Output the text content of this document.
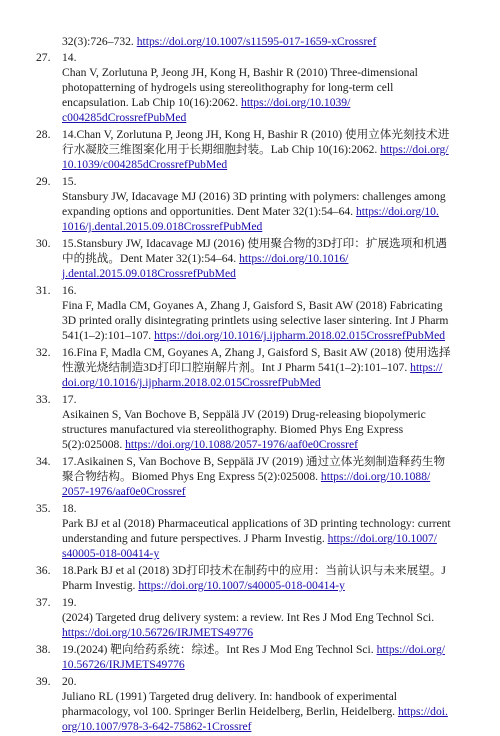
32(3):726–732. https://doi.org/10.1007/s11595-017-1659-xCrossref
27. 14.
Chan V, Zorlutuna P, Jeong JH, Kong H, Bashir R (2010) Three-dimensional
photopatterning of hydrogels using stereolithography for long-term cell
encapsulation. Lab Chip 10(16):2062. https://doi.org/10.1039/
c004285dCrossrefPubMed
28. 14.Chan V, Zorlutuna P, Jeong JH, Kong H, Bashir R (2010) 使用立体光刻技术进
行水凝胶三维图案化用于长期细胞封装。Lab Chip 10(16):2062. https://doi.org/
10.1039/c004285dCrossrefPubMed
29. 15.
Stansbury JW, Idacavage MJ (2016) 3D printing with polymers: challenges among
expanding options and opportunities. Dent Mater 32(1):54–64. https://doi.org/10.
1016/j.dental.2015.09.018CrossrefPubMed
30. 15.Stansbury JW, Idacavage MJ (2016) 使用聚合物的3D打印：扩展选项和机遇
中的挑战。Dent Mater 32(1):54–64. https://doi.org/10.1016/
j.dental.2015.09.018CrossrefPubMed
31. 16.
Fina F, Madla CM, Goyanes A, Zhang J, Gaisford S, Basit AW (2018) Fabricating
3D printed orally disintegrating printlets using selective laser sintering. Int J Pharm
541(1–2):101–107. https://doi.org/10.1016/j.ijpharm.2018.02.015CrossrefPubMed
32. 16.Fina F, Madla CM, Goyanes A, Zhang J, Gaisford S, Basit AW (2018) 使用选择
性激光烧结制造3D打印口腔崩解片剂。Int J Pharm 541(1–2):101–107. https://
doi.org/10.1016/j.ijpharm.2018.02.015CrossrefPubMed
33. 17.
Asikainen S, Van Bochove B, Seppälä JV (2019) Drug-releasing biopolymeric
structures manufactured via stereolithography. Biomed Phys Eng Express
5(2):025008. https://doi.org/10.1088/2057-1976/aaf0e0Crossref
34. 17.Asikainen S, Van Bochove B, Seppälä JV (2019) 通过立体光刻制造释药生物
聚合物结构。Biomed Phys Eng Express 5(2):025008. https://doi.org/10.1088/
2057-1976/aaf0e0Crossref
35. 18.
Park BJ et al (2018) Pharmaceutical applications of 3D printing technology: current
understanding and future perspectives. J Pharm Investig. https://doi.org/10.1007/
s40005-018-00414-y
36. 18.Park BJ et al (2018) 3D打印技术在制药中的应用：当前认识与未来展望。J
Pharm Investig. https://doi.org/10.1007/s40005-018-00414-y
37. 19.
(2024) Targeted drug delivery system: a review. Int Res J Mod Eng Technol Sci.
https://doi.org/10.56726/IRJMETS49776
38. 19.(2024) 靶向给药系统：综述。Int Res J Mod Eng Technol Sci. https://doi.org/
10.56726/IRJMETS49776
39. 20.
Juliano RL (1991) Targeted drug delivery. In: handbook of experimental
pharmacology, vol 100. Springer Berlin Heidelberg, Berlin, Heidelberg. https://doi.
org/10.1007/978-3-642-75862-1Crossref
